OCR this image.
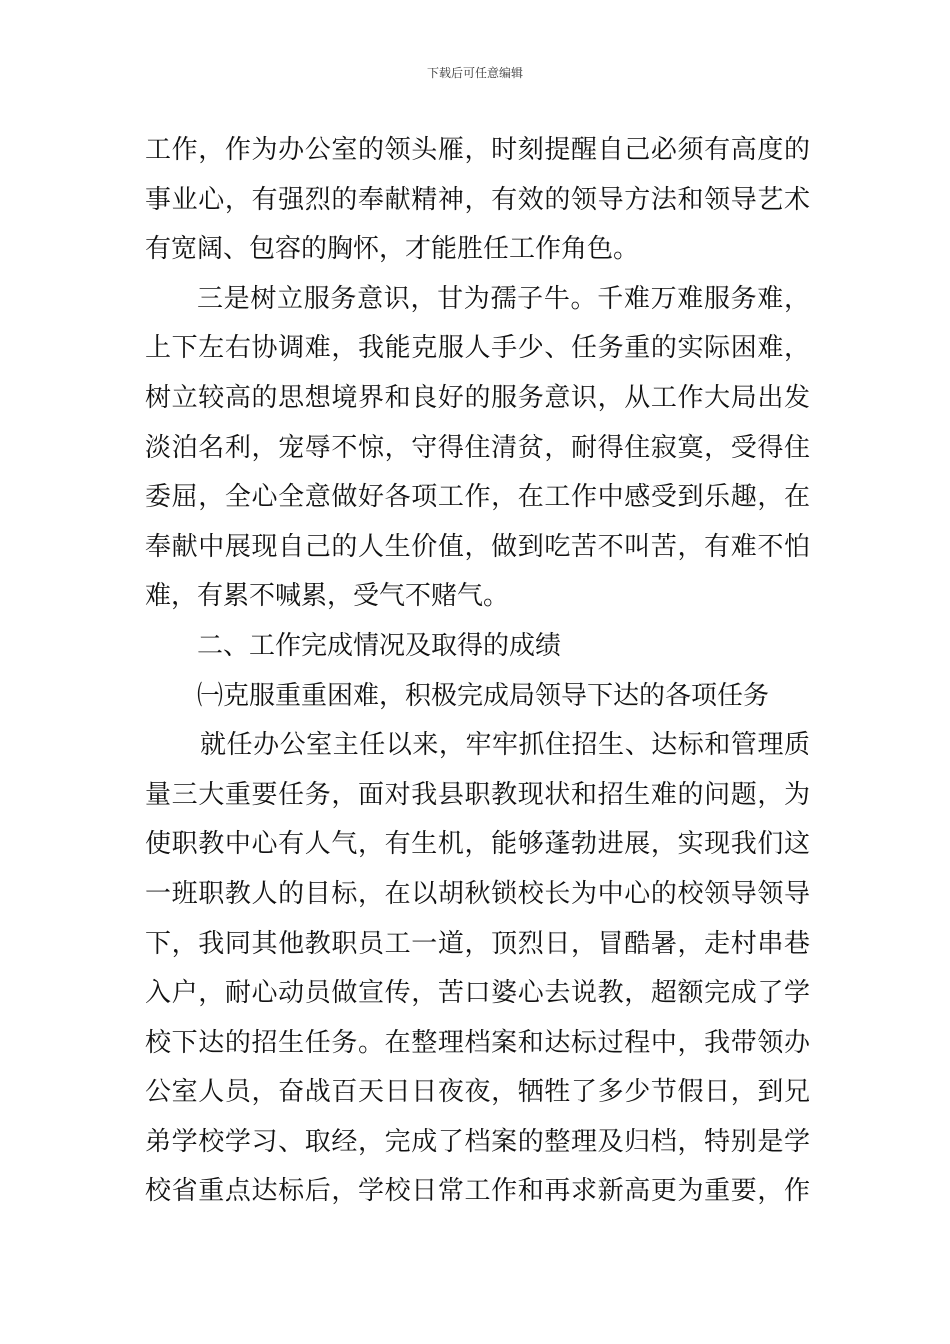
下载后可任意编辑
工作，作为办公室的领头雁，时刻提醒自己必须有高度的
事业心，有强烈的奉献精神，有效的领导方法和领导艺术
有宽阔、包容的胸怀，才能胜任工作角色。
三是树立服务意识，甘为孺子牛。千难万难服务难，
上下左右协调难，我能克服人手少、任务重的实际困难，
树立较高的思想境界和良好的服务意识，从工作大局出发
淡泊名利，宠辱不惊，守得住清贫，耐得住寂寞，受得住
委屈，全心全意做好各项工作，在工作中感受到乐趣，在
奉献中展现自己的人生价值，做到吃苦不叫苦，有难不怕
难，有累不喊累，受气不赌气。
二、工作完成情况及取得的成绩
㈠克服重重困难，积极完成局领导下达的各项任务
就任办公室主任以来，牢牢抓住招生、达标和管理质
量三大重要任务，面对我县职教现状和招生难的问题，为
使职教中心有人气，有生机，能够蓬勃进展，实现我们这
一班职教人的目标，在以胡秋锁校长为中心的校领导领导
下，我同其他教职员工一道，顶烈日，冒酷暑，走村串巷
入户，耐心动员做宣传，苦口婆心去说教，超额完成了学
校下达的招生任务。在整理档案和达标过程中，我带领办
公室人员，奋战百天日日夜夜，牺牲了多少节假日，到兄
弟学校学习、取经，完成了档案的整理及归档，特别是学
校省重点达标后，学校日常工作和再求新高更为重要，作
